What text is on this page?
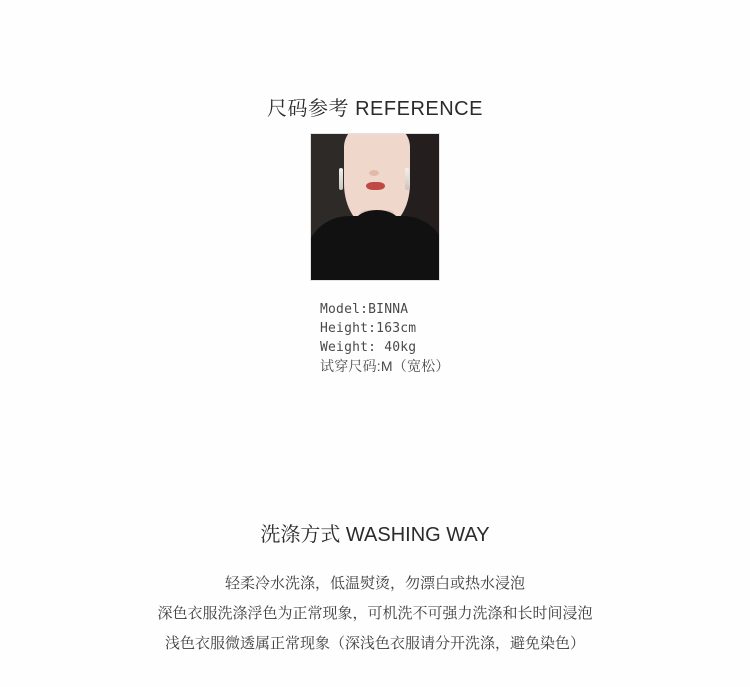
尺码参考 REFERENCE
Model:BINNA
Height:163cm
Weight: 40kg
试穿尺码:M（宽松）
洗涤方式 WASHING WAY
轻柔冷水洗涤，低温熨烫，勿漂白或热水浸泡
深色衣服洗涤浮色为正常现象，可机洗不可强力洗涤和长时间浸泡
浅色衣服微透属正常现象（深浅色衣服请分开洗涤，避免染色）
